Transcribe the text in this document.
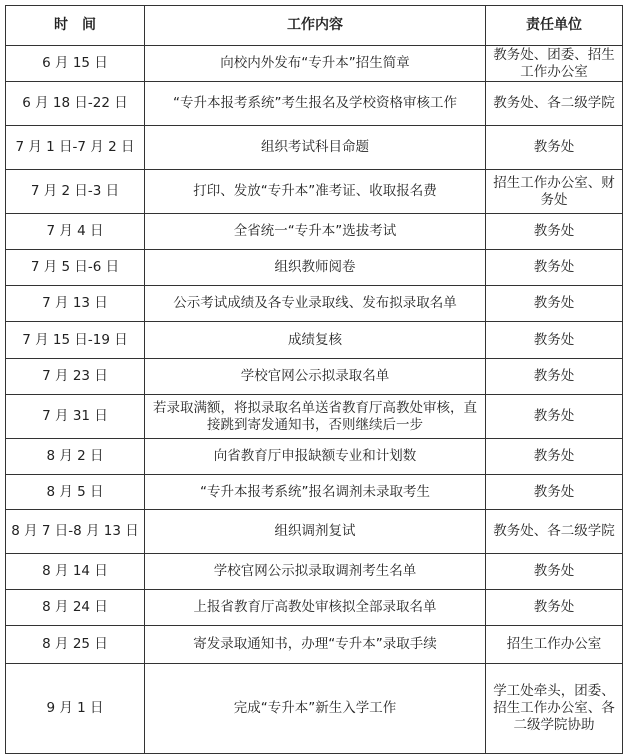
时　间	工作内容	责任单位
6 月 15 日	向校内外发布“专升本”招生简章	教务处、团委、招生工作办公室
6 月 18 日-22 日	“专升本报考系统”考生报名及学校资格审核工作	教务处、各二级学院
7 月 1 日-7 月 2 日	组织考试科目命题	教务处
7 月 2 日-3 日	打印、发放“专升本”准考证、收取报名费	招生工作办公室、财务处
7 月 4 日	全省统一“专升本”选拔考试	教务处
7 月 5 日-6 日	组织教师阅卷	教务处
7 月 13 日	公示考试成绩及各专业录取线、发布拟录取名单	教务处
7 月 15 日-19 日	成绩复核	教务处
7 月 23 日	学校官网公示拟录取名单	教务处
7 月 31 日	若录取满额，将拟录取名单送省教育厅高教处审核，直接跳到寄发通知书，否则继续后一步	教务处
8 月 2 日	向省教育厅申报缺额专业和计划数	教务处
8 月 5 日	“专升本报考系统”报名调剂未录取考生	教务处
8 月 7 日-8 月 13 日	组织调剂复试	教务处、各二级学院
8 月 14 日	学校官网公示拟录取调剂考生名单	教务处
8 月 24 日	上报省教育厅高教处审核拟全部录取名单	教务处
8 月 25 日	寄发录取通知书，办理“专升本”录取手续	招生工作办公室
9 月 1 日	完成“专升本”新生入学工作	学工处牵头，团委、招生工作办公室、各二级学院协助
